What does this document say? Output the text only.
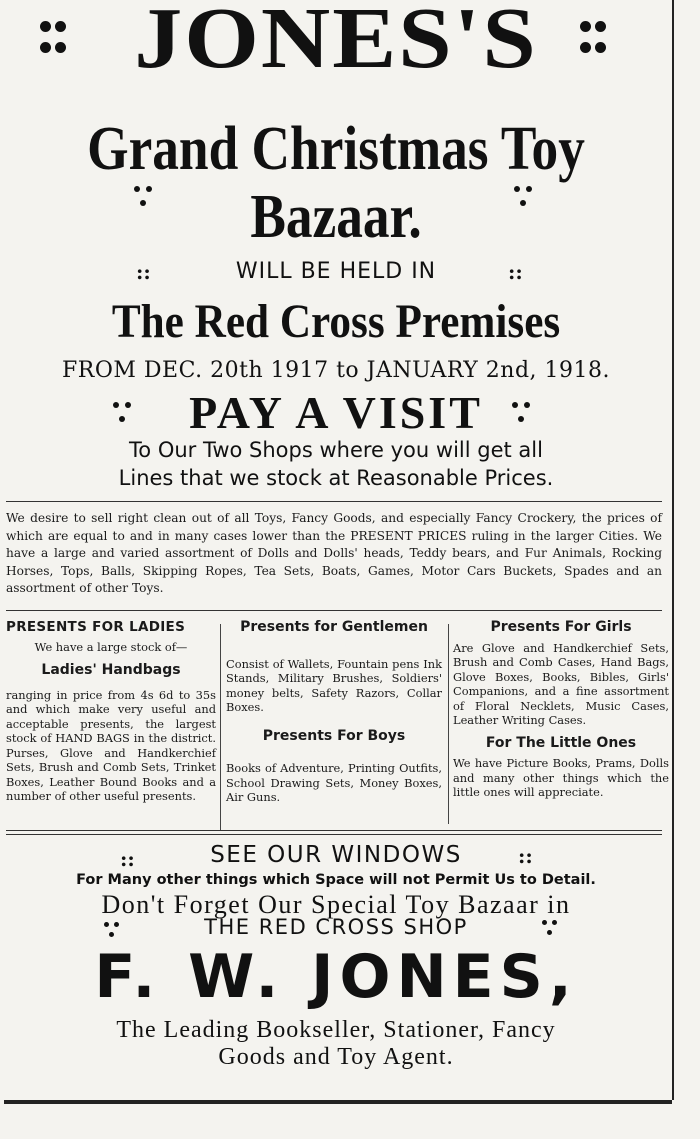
JONES'S
Grand Christmas Toy
Bazaar.
WILL BE HELD IN
::	::
The Red Cross Premises
FROM DEC. 20th 1917 to JANUARY 2nd, 1918.
PAY A VISIT
To Our Two Shops where you will get all
Lines that we stock at Reasonable Prices.
We desire to sell right clean out of all Toys, Fancy Goods, and especially Fancy Crockery, the prices of which are equal to and in many cases lower than the PRESENT PRICES ruling in the larger Cities. We have a large and varied assortment of Dolls and Dolls' heads, Teddy bears, and Fur Animals, Rocking Horses, Tops, Balls, Skipping Ropes, Tea Sets, Boats, Games, Motor Cars Buckets, Spades and an assortment of other Toys.
PRESENTS FOR LADIES

We have a large stock of—

Ladies' Handbags

ranging in price from 4s 6d to 35s and which make very useful and acceptable presents, the largest stock of HAND BAGS in the district. Purses, Glove and Handkerchief Sets, Brush and Comb Sets, Trinket Boxes, Leather Bound Books and a number of other useful presents.

Presents for Gentlemen

Consist of Wallets, Fountain pens Ink Stands, Military Brushes, Soldiers' money belts, Safety Razors, Collar Boxes.

Presents For Boys

Books of Adventure, Printing Outfits, School Drawing Sets, Money Boxes, Air Guns.

Presents For Girls

Are Glove and Handkerchief Sets, Brush and Comb Cases, Hand Bags, Glove Boxes, Books, Bibles, Girls' Companions, and a fine assortment of Floral Necklets, Music Cases, Leather Writing Cases.

For The Little Ones

We have Picture Books, Prams, Dolls and many other things which the little ones will appreciate.

::	::
SEE OUR WINDOWS
For Many other things which Space will not Permit Us to Detail.
Don't Forget Our Special Toy Bazaar in
THE RED CROSS SHOP
F. W. JONES,
The Leading Bookseller, Stationer, Fancy
Goods and Toy Agent.
